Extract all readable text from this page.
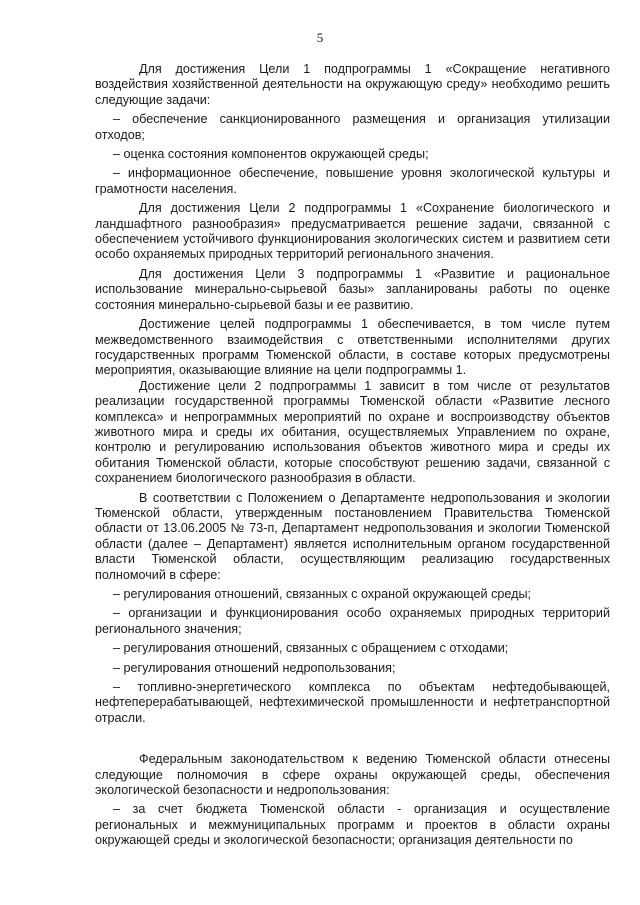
5

Для достижения Цели 1 подпрограммы 1 «Сокращение негативного воздействия хозяйственной деятельности на окружающую среду» необходимо решить следующие задачи:

– обеспечение санкционированного размещения и организация утилизации отходов;

– оценка состояния компонентов окружающей среды;

– информационное обеспечение, повышение уровня экологической культуры и грамотности населения.

Для достижения Цели 2 подпрограммы 1 «Сохранение биологического и ландшафтного разнообразия» предусматривается решение задачи, связанной с обеспечением устойчивого функционирования экологических систем и развитием сети особо охраняемых природных территорий регионального значения.

Для достижения Цели 3 подпрограммы 1 «Развитие и рациональное использование минерально-сырьевой базы» запланированы работы по оценке состояния минерально-сырьевой базы и ее развитию.

Достижение целей подпрограммы 1 обеспечивается, в том числе путем межведомственного взаимодействия с ответственными исполнителями других государственных программ Тюменской области, в составе которых предусмотрены мероприятия, оказывающие влияние на цели подпрограммы 1.

Достижение цели 2 подпрограммы 1 зависит в том числе от результатов реализации государственной программы Тюменской области «Развитие лесного комплекса» и непрограммных мероприятий по охране и воспроизводству объектов животного мира и среды их обитания, осуществляемых Управлением по охране, контролю и регулированию использования объектов животного мира и среды их обитания Тюменской области, которые способствуют решению задачи, связанной с сохранением биологического разнообразия в области.

В соответствии с Положением о Департаменте недропользования и экологии Тюменской области, утвержденным постановлением Правительства Тюменской области от 13.06.2005 № 73-п, Департамент недропользования и экологии Тюменской области (далее – Департамент) является исполнительным органом государственной власти Тюменской области, осуществляющим реализацию государственных полномочий в сфере:

– регулирования отношений, связанных с охраной окружающей среды;

– организации и функционирования особо охраняемых природных территорий регионального значения;

– регулирования отношений, связанных с обращением с отходами;

– регулирования отношений недропользования;

– топливно-энергетического комплекса по объектам нефтедобывающей, нефтеперерабатывающей, нефтехимической промышленности и нефтетранспортной отрасли.

Федеральным законодательством к ведению Тюменской области отнесены следующие полномочия в сфере охраны окружающей среды, обеспечения экологической безопасности и недропользования:

– за счет бюджета Тюменской области - организация и осуществление региональных и межмуниципальных программ и проектов в области охраны окружающей среды и экологической безопасности; организация деятельности по
